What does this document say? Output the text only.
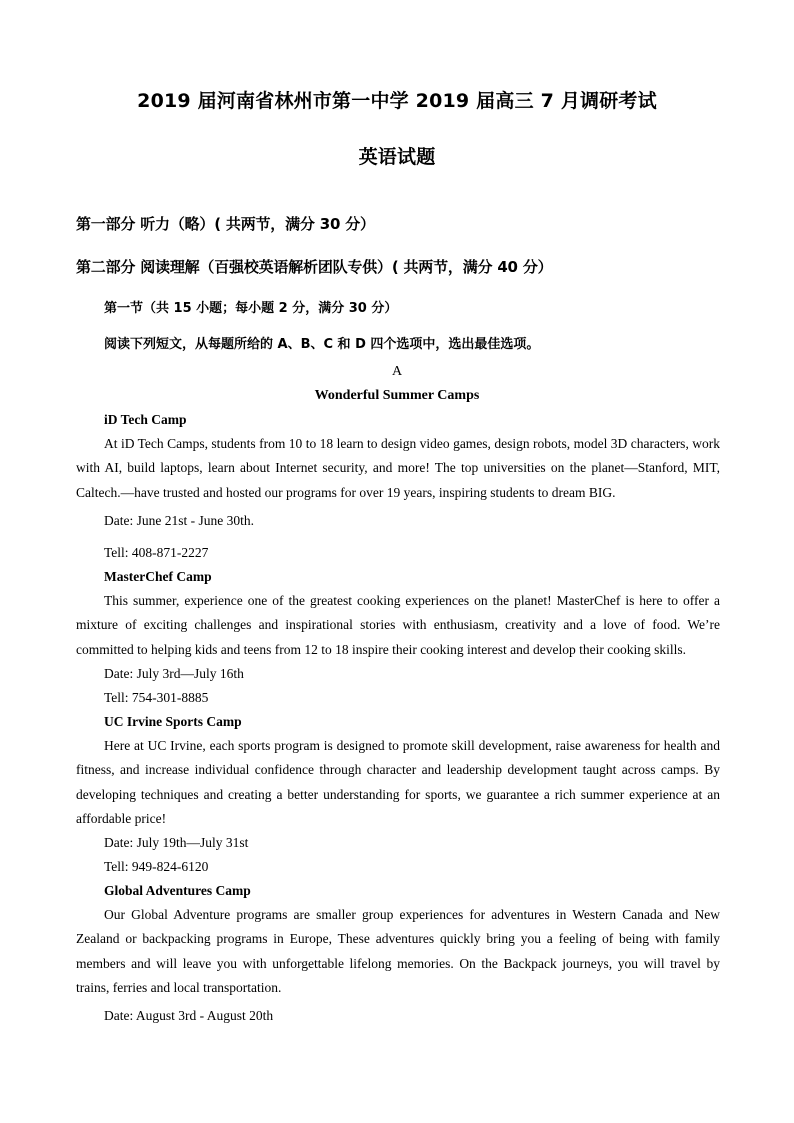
2019 届河南省林州市第一中学 2019 届高三 7 月调研考试
英语试题
第一部分 听力（略）( 共两节，满分 30 分）
第二部分 阅读理解（百强校英语解析团队专供）( 共两节，满分 40 分）
第一节（共 15 小题；每小题 2 分，满分 30 分）
阅读下列短文，从每题所给的 A、B、C 和 D 四个选项中，选出最佳选项。
A
Wonderful Summer Camps
iD Tech Camp
At iD Tech Camps, students from 10 to 18 learn to design video games, design robots, model 3D characters, work with AI, build laptops, learn about Internet security, and more! The top universities on the planet—Stanford, MIT, Caltech.—have trusted and hosted our programs for over 19 years, inspiring students to dream BIG.
Date: June 21st - June 30th.
Tell: 408-871-2227
MasterChef Camp
This summer, experience one of the greatest cooking experiences on the planet! MasterChef is here to offer a mixture of exciting challenges and inspirational stories with enthusiasm, creativity and a love of food. We’re committed to helping kids and teens from 12 to 18 inspire their cooking interest and develop their cooking skills.
Date: July 3rd—July 16th
Tell: 754-301-8885
UC Irvine Sports Camp
Here at UC Irvine, each sports program is designed to promote skill development, raise awareness for health and fitness, and increase individual confidence through character and leadership development taught across camps. By developing techniques and creating a better understanding for sports, we guarantee a rich summer experience at an affordable price!
Date: July 19th—July 31st
Tell: 949-824-6120
Global Adventures Camp
Our Global Adventure programs are smaller group experiences for adventures in Western Canada and New Zealand or backpacking programs in Europe, These adventures quickly bring you a feeling of being with family members and will leave you with unforgettable lifelong memories. On the Backpack journeys, you will travel by trains, ferries and local transportation.
Date: August 3rd - August 20th
